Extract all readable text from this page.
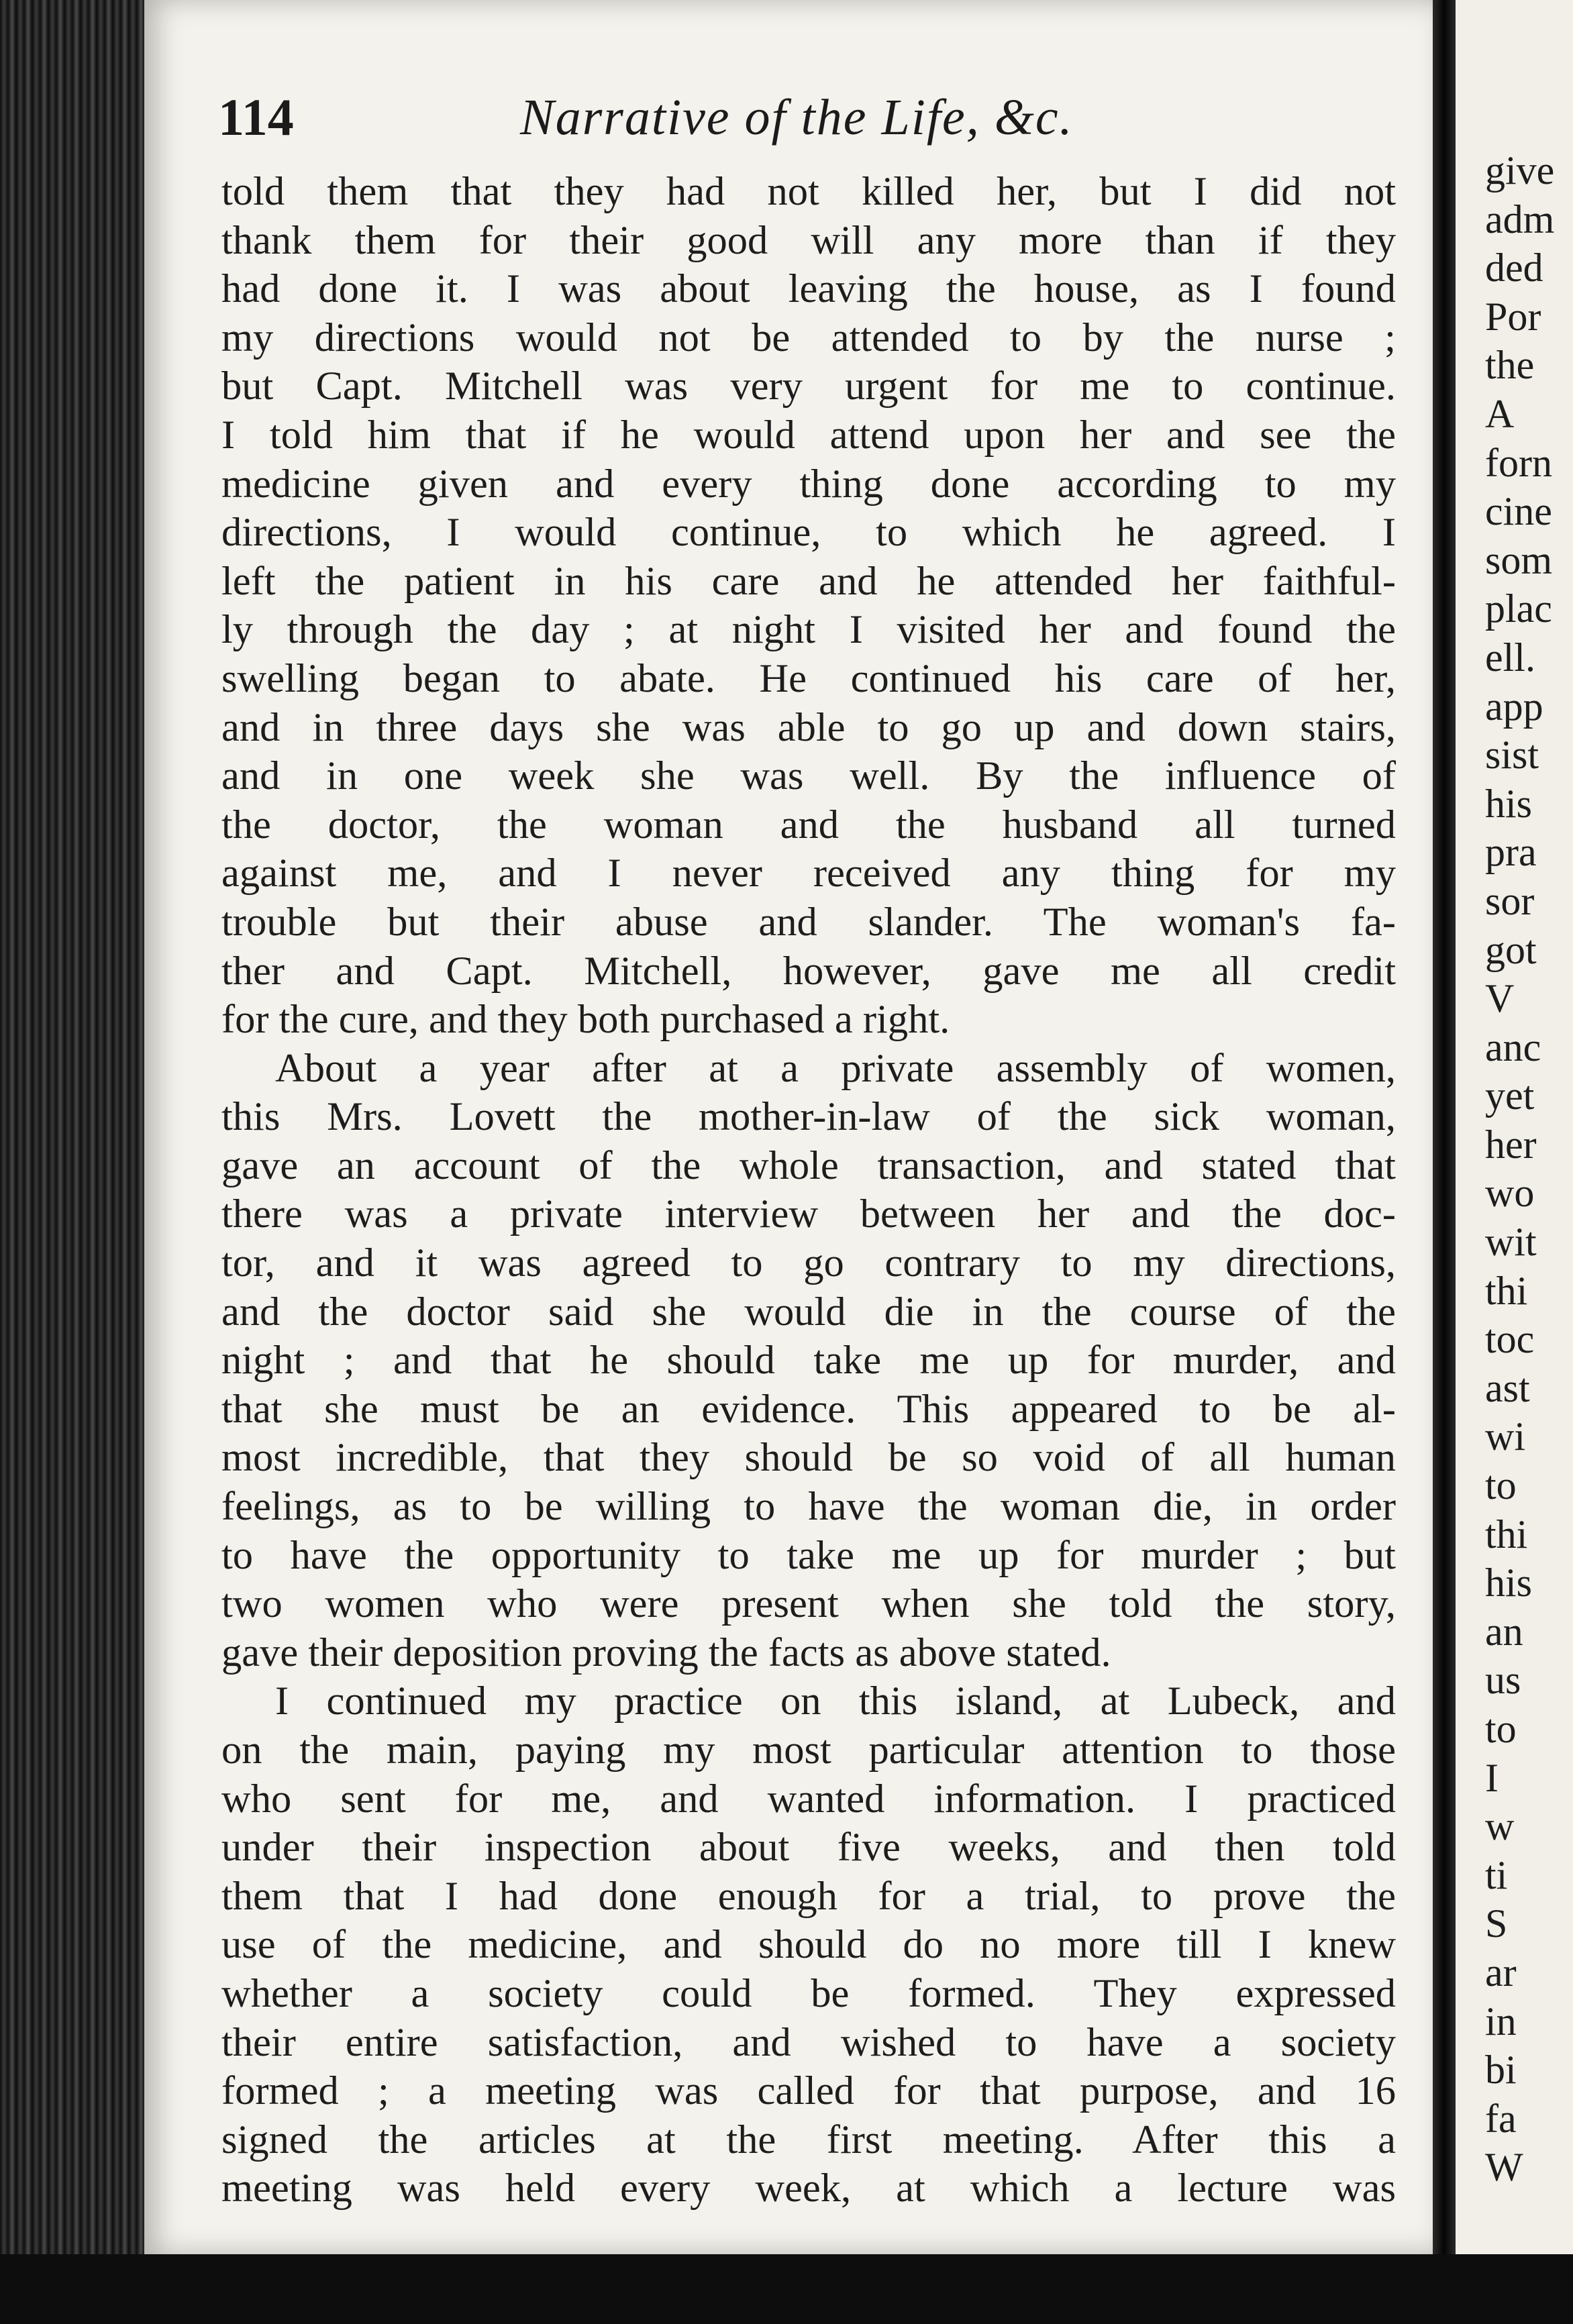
114	Narrative of the Life, &c.
told them that they had not killed her, but I did not
thank them for their good will any more than if they
had done it. I was about leaving the house, as I found
my directions would not be attended to by the nurse ;
but Capt. Mitchell was very urgent for me to continue.
I told him that if he would attend upon her and see the
medicine given and every thing done according to my
directions, I would continue, to which he agreed. I
left the patient in his care and he attended her faithful-
ly through the day ; at night I visited her and found the
swelling began to abate. He continued his care of her,
and in three days she was able to go up and down stairs,
and in one week she was well. By the influence of
the doctor, the woman and the husband all turned
against me, and I never received any thing for my
trouble but their abuse and slander. The woman's fa-
ther and Capt. Mitchell, however, gave me all credit
for the cure, and they both purchased a right.
About a year after at a private assembly of women,
this Mrs. Lovett the mother-in-law of the sick woman,
gave an account of the whole transaction, and stated that
there was a private interview between her and the doc-
tor, and it was agreed to go contrary to my directions,
and the doctor said she would die in the course of the
night ; and that he should take me up for murder, and
that she must be an evidence. This appeared to be al-
most incredible, that they should be so void of all human
feelings, as to be willing to have the woman die, in order
to have the opportunity to take me up for murder ; but
two women who were present when she told the story,
gave their deposition proving the facts as above stated.
I continued my practice on this island, at Lubeck, and
on the main, paying my most particular attention to those
who sent for me, and wanted information. I practiced
under their inspection about five weeks, and then told
them that I had done enough for a trial, to prove the
use of the medicine, and should do no more till I knew
whether a society could be formed. They expressed
their entire satisfaction, and wished to have a society
formed ; a meeting was called for that purpose, and 16
signed the articles at the first meeting. After this a
meeting was held every week, at which a lecture was
give
adm
ded
Por
the
A
forn
cine
som
plac
ell.
app
sist
his
pra
sor
got
V
anc
yet
her
wo
wit
thi
toc
ast
wi
to
thi
his
an
us
to
I
w
ti
S
ar
in
bi
fa
W
